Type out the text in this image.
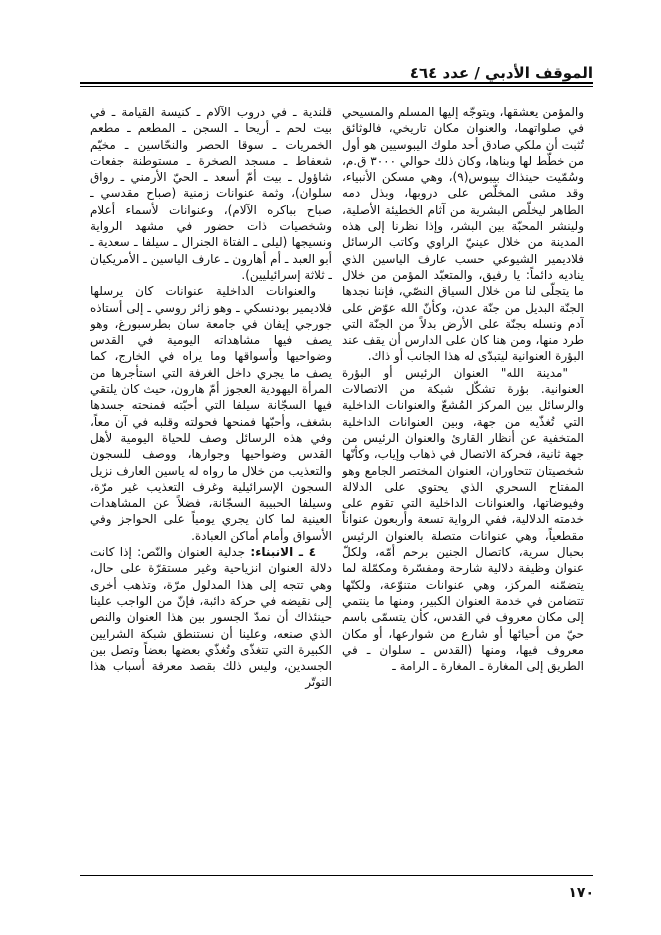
الموقف الأدبي / عدد ٤٦٤

والمؤمن يعشقها، ويتوجّه إليها المسلم والمسيحي في صلواتهما، والعنوان مكان تاريخي، فالوثائق تُثبت أن ملكي صادق أحد ملوك اليبوسيين هو أول من خطّط لها وبناها، وكان ذلك حوالي ٣٠٠٠ ق.م، وسُمّيت حينذاك بيبوس(٩)، وهي مسكن الأنبياء، وقد مشى المخلّص على دروبها، وبذل دمه الطاهر ليخلّص البشرية من آثام الخطيئة الأصلية، ولينشر المحبّة بين البشر، وإذا نظرنا إلى هذه المدينة من خلال عينيّ الراوي وكاتب الرسائل فلاديمير الشيوعي حسب عارف الياسين الذي يناديه دائماً: يا رفيق، والمتعبّد المؤمن من خلال ما يتجلّى لنا من خلال السياق النصّي، فإننا نجدها الجنّة البديل من جنّة عدن، وكأنّ الله عوّض على آدم ونسله بجنّة على الأرض بدلاً من الجنّة التي طرد منها، ومن هنا كان على الدارس أن يقف عند البؤرة العنوانية ليتبدّى له هذا الجانب أو ذاك.

"مدينة الله" العنوان الرئيس أو البؤرة العنوانية. بؤرة تشكّل شبكة من الاتصالات والرسائل بين المركز المُشعّ والعنوانات الداخلية التي تُغذّيه من جهة، وبين العنوانات الداخلية المتخفية عن أنظار القارئ والعنوان الرئيس من جهة ثانية، فحركة الاتصال في ذهاب وإياب، وكأنّها شخصيتان تتحاوران، العنوان المختصر الجامع وهو المفتاح السحري الذي يحتوي على الدلالة وفيوضاتها، والعنوانات الداخلية التي تقوم على خدمته الدلالية، ففي الرواية تسعة وأربعون عنواناً مقطعياً، وهي عنوانات متصلة بالعنوان الرئيس بحبال سرية، كاتصال الجنين برحم أمّه، ولكلّ عنوان وظيفة دلالية شارحة ومفسّرة ومكمّلة لما يتضمّنه المركز، وهي عنوانات متنوّعة، ولكنّها تتضامن في خدمة العنوان الكبير، ومنها ما ينتمي إلى مكان معروف في القدس، كأن يتسمّى باسم حيّ من أحيائها أو شارع من شوارعها، أو مكان معروف فيها، ومنها (القدس ـ سلوان ـ في الطريق إلى المغارة ـ المغارة ـ الرامة ـ

قلندية ـ في دروب الآلام ـ كنيسة القيامة ـ في بيت لحم ـ أريحا ـ السجن ـ المطعم ـ مطعم الخمريات ـ سوقا الحصر والنحّاسين ـ مخيّم شعفاط ـ مسجد الصخرة ـ مستوطنة جفعات شاؤول ـ بيت أمّ أسعد ـ الحيّ الأرمني ـ رواق سلوان)، وثمة عنوانات زمنية (صباح مقدسي ـ صباح بباكره الآلام)، وعنوانات لأسماء أعلام وشخصيات ذات حضور في مشهد الرواية ونسيجها (ليلى ـ الفتاة الجنرال ـ سيلفا ـ سعدية ـ أبو العبد ـ أم أهارون ـ عارف الياسين ـ الأمريكيان ـ ثلاثة إسرائيليين).

والعنوانات الداخلية عنوانات كان يرسلها فلاديمير بودنسكي ـ وهو زائر روسي ـ إلى أستاذه جورجي إيفان في جامعة سان بطرسبورغ، وهو يصف فيها مشاهداته اليومية في القدس وضواحيها وأسواقها وما يراه في الخارج، كما يصف ما يجري داخل الغرفة التي استأجرها من المرأة اليهودية العجوز أمّ هارون، حيث كان يلتقي فيها السجّانة سيلفا التي أحبّته فمنحته جسدها بشغف، وأحبّها فمنحها فحولته وقلبه في آن معاً، وفي هذه الرسائل وصف للحياة اليومية لأهل القدس وضواحيها وجوارها، ووصف للسجون والتعذيب من خلال ما رواه له ياسين العارف نزيل السجون الإسرائيلية وغرف التعذيب غير مرّة، وسيلفا الحبيبة السجّانة، فضلاً عن المشاهدات العينية لما كان يجري يومياً على الحواجز وفي الأسواق وأمام أماكن العبادة.

٤ ـ الانبناء: جدلية العنوان والنّص: إذا كانت دلالة العنوان انزياحية وغير مستقرّة على حال، وهي تتجه إلى هذا المدلول مرّة، وتذهب أخرى إلى نقيضه في حركة دائبة، فإنّ من الواجب علينا حينئذاك أن نمدّ الجسور بين هذا العنوان والنص الذي صنعه، وعلينا أن نستنطق شبكة الشرايين الكبيرة التي تتغذّى وتُغذّي بعضها بعضاً وتصل بين الجسدين، وليس ذلك بقصد معرفة أسباب هذا التوتّر

١٧٠
